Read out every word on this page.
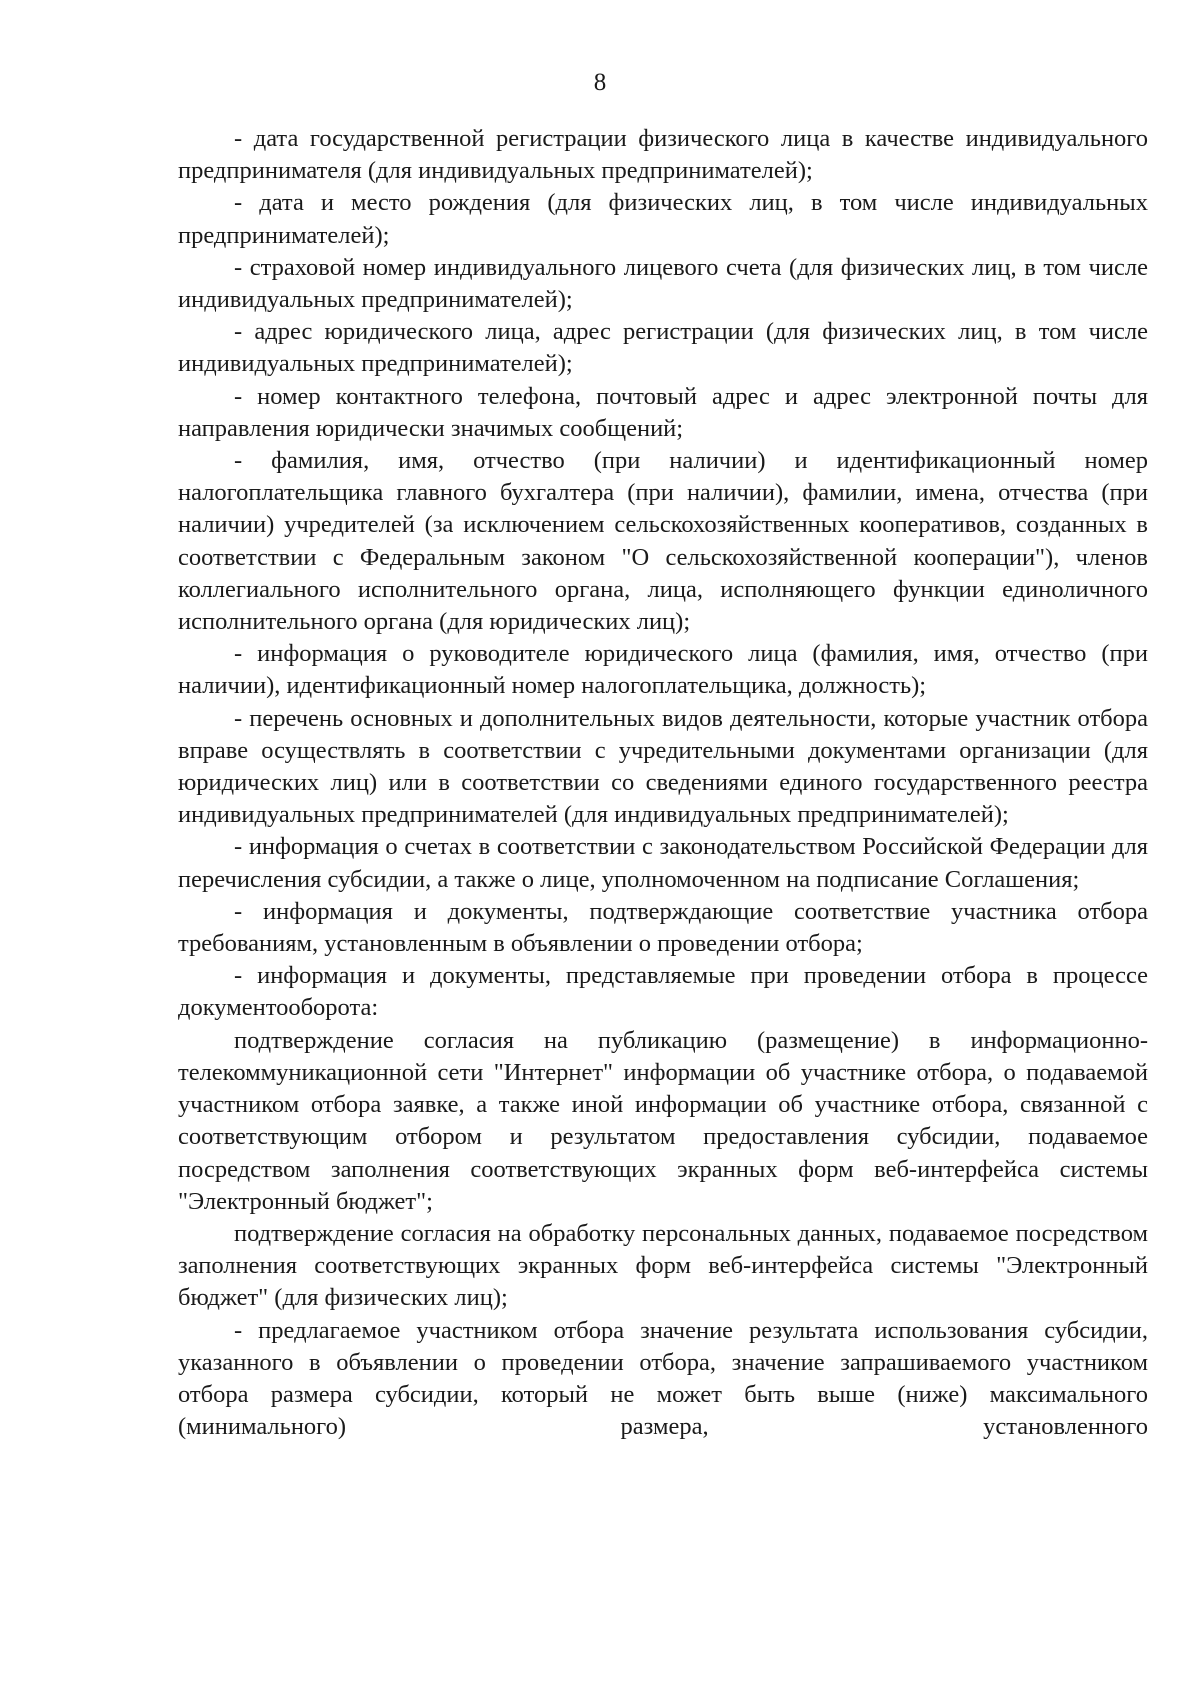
8

- дата государственной регистрации физического лица в качестве индивидуального предпринимателя (для индивидуальных предпринимателей);

- дата и место рождения (для физических лиц, в том числе индивидуальных предпринимателей);

- страховой номер индивидуального лицевого счета (для физических лиц, в том числе индивидуальных предпринимателей);

- адрес юридического лица, адрес регистрации (для физических лиц, в том числе индивидуальных предпринимателей);

- номер контактного телефона, почтовый адрес и адрес электронной почты для направления юридически значимых сообщений;

- фамилия, имя, отчество (при наличии) и идентификационный номер налогоплательщика главного бухгалтера (при наличии), фамилии, имена, отчества (при наличии) учредителей (за исключением сельскохозяйственных кооперативов, созданных в соответствии с Федеральным законом "О сельскохозяйственной кооперации"), членов коллегиального исполнительного органа, лица, исполняющего функции единоличного исполнительного органа (для юридических лиц);

- информация о руководителе юридического лица (фамилия, имя, отчество (при наличии), идентификационный номер налогоплательщика, должность);

- перечень основных и дополнительных видов деятельности, которые участник отбора вправе осуществлять в соответствии с учредительными документами организации (для юридических лиц) или в соответствии со сведениями единого государственного реестра индивидуальных предпринимателей (для индивидуальных предпринимателей);

- информация о счетах в соответствии с законодательством Российской Федерации для перечисления субсидии, а также о лице, уполномоченном на подписание Соглашения;

- информация и документы, подтверждающие соответствие участника отбора требованиям, установленным в объявлении о проведении отбора;

- информация и документы, представляемые при проведении отбора в процессе документооборота:

подтверждение согласия на публикацию (размещение) в информационно-телекоммуникационной сети "Интернет" информации об участнике отбора, о подаваемой участником отбора заявке, а также иной информации об участнике отбора, связанной с соответствующим отбором и результатом предоставления субсидии, подаваемое посредством заполнения соответствующих экранных форм веб-интерфейса системы "Электронный бюджет";

подтверждение согласия на обработку персональных данных, подаваемое посредством заполнения соответствующих экранных форм веб-интерфейса системы "Электронный бюджет" (для физических лиц);

- предлагаемое участником отбора значение результата использования субсидии, указанного в объявлении о проведении отбора, значение запрашиваемого участником отбора размера субсидии, который не может быть выше (ниже) максимального (минимального) размера, установленного
